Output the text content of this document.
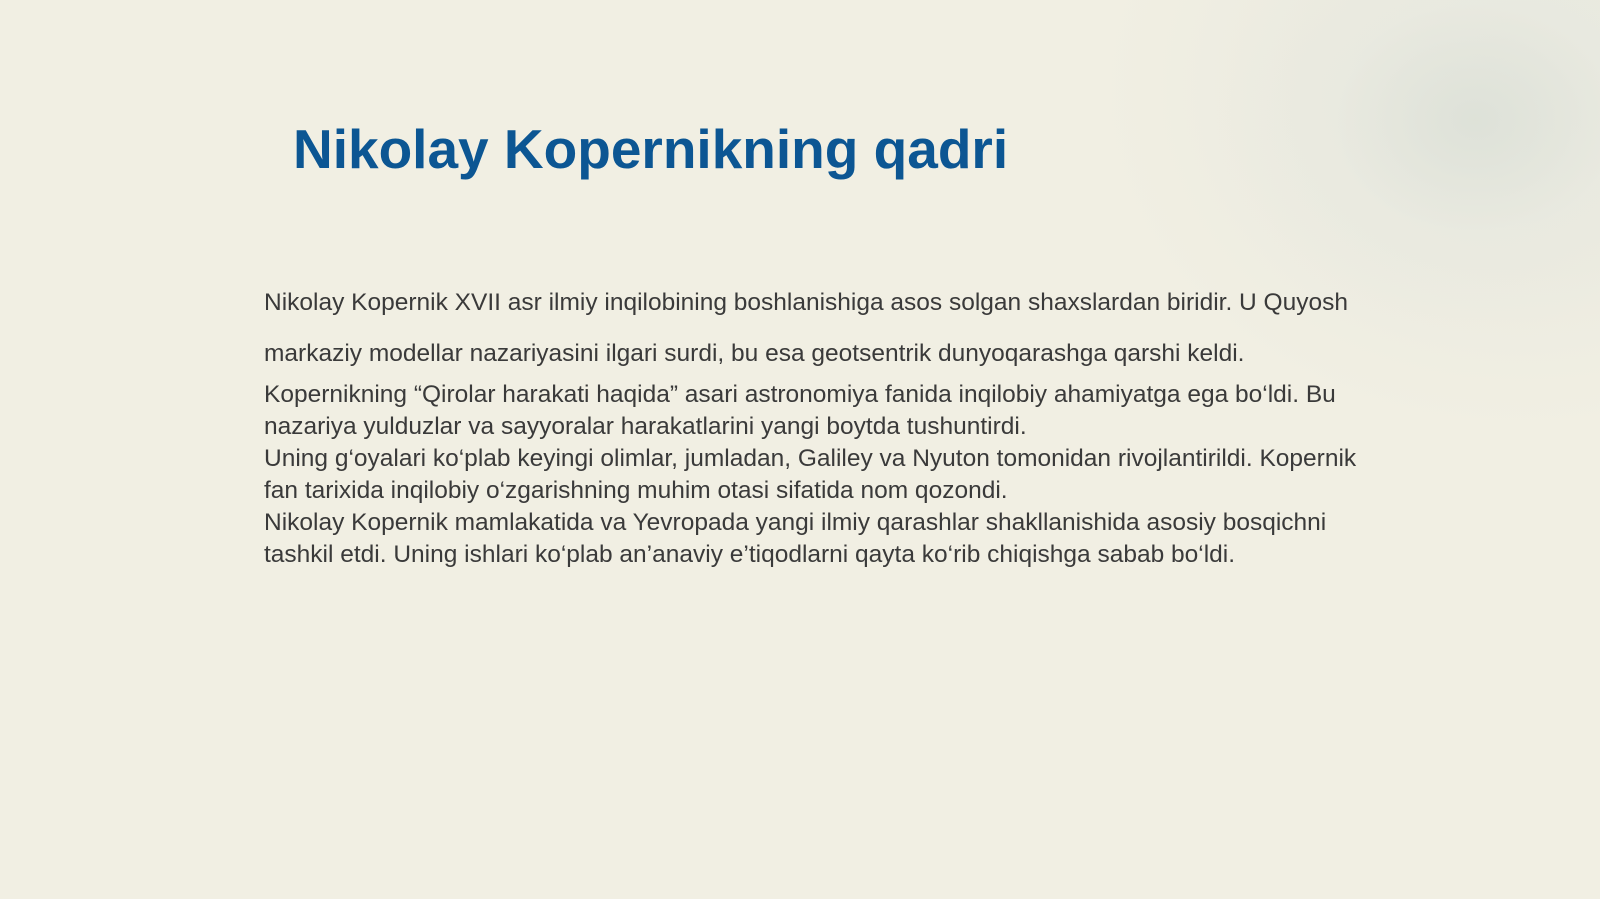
Nikolay Kopernikning qadri

Nikolay Kopernik XVII asr ilmiy inqilobining boshlanishiga asos solgan shaxslardan biridir. U Quyosh markaziy modellar nazariyasini ilgari surdi, bu esa geotsentrik dunyoqarashga qarshi keldi.

Kopernikning “Qirolar harakati haqida” asari astronomiya fanida inqilobiy ahamiyatga ega bo‘ldi. Bu nazariya yulduzlar va sayyoralar harakatlarini yangi boytda tushuntirdi.

Uning g‘oyalari ko‘plab keyingi olimlar, jumladan, Galiley va Nyuton tomonidan rivojlantirildi. Kopernik fan tarixida inqilobiy o‘zgarishning muhim otasi sifatida nom qozondi.

Nikolay Kopernik mamlakatida va Yevropada yangi ilmiy qarashlar shakllanishida asosiy bosqichni tashkil etdi. Uning ishlari ko‘plab an’anaviy e’tiqodlarni qayta ko‘rib chiqishga sabab bo‘ldi.
